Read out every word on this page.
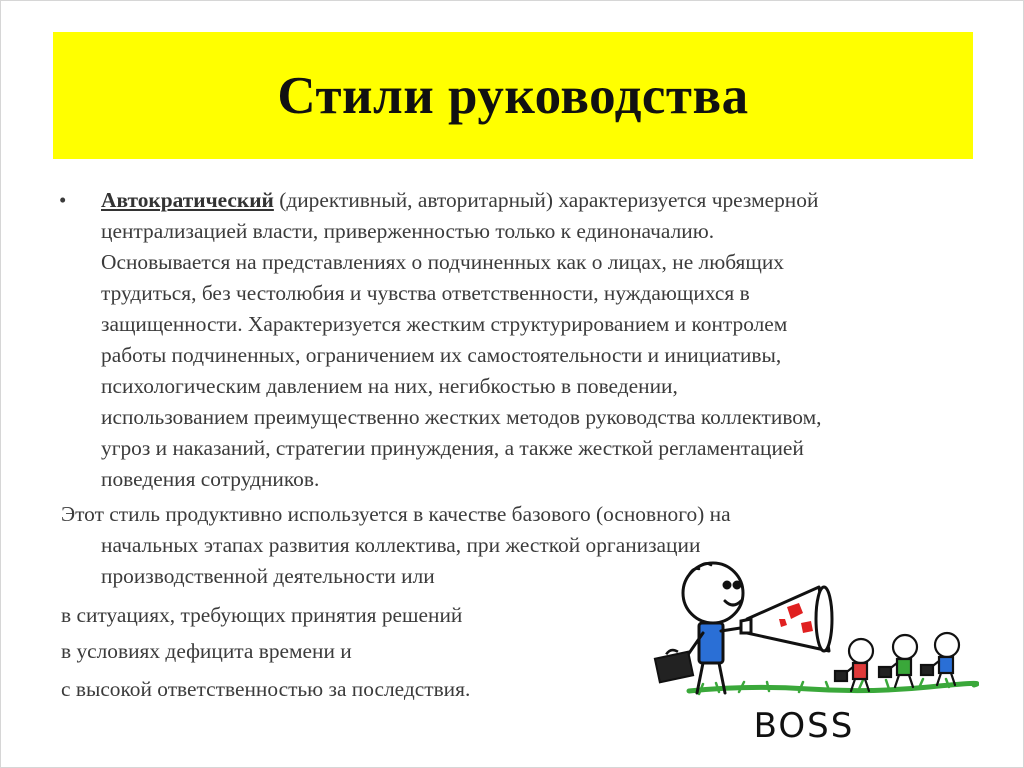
Стили руководства
• Автократический (директивный, авторитарный) характеризуется чрезмерной
централизацией власти, приверженностью только к единоначалию.
Основывается на представлениях о подчиненных как о лицах, не любящих
трудиться, без честолюбия и чувства ответственности, нуждающихся в
защищенности. Характеризуется жестким структурированием и контролем
работы подчиненных, ограничением их самостоятельности и инициативы,
психологическим давлением на них, негибкостью в поведении,
использованием преимущественно жестких методов руководства коллективом,
угроз и наказаний, стратегии принуждения, а также жесткой регламентацией
поведения сотрудников.
Этот стиль продуктивно используется в качестве базового (основного) на
начальных этапах развития коллектива, при жесткой организации
производственной деятельности или
в ситуациях, требующих принятия решений
в условиях дефицита времени и
с высокой ответственностью за последствия.
BOSS
